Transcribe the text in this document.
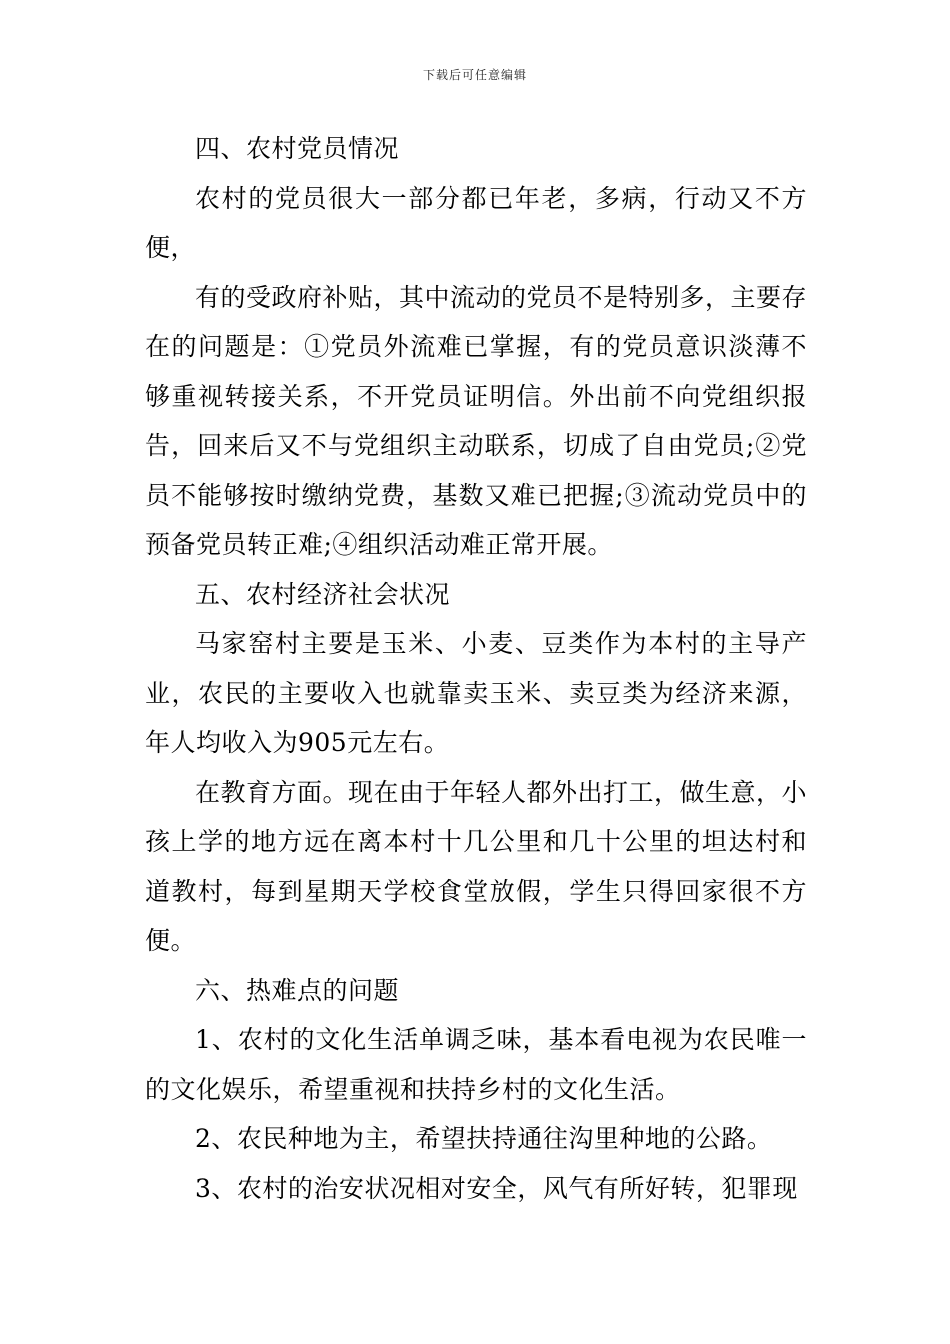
下载后可任意编辑

四、农村党员情况

农村的党员很大一部分都已年老，多病，行动又不方便，

有的受政府补贴，其中流动的党员不是特别多，主要存在的问题是：①党员外流难已掌握，有的党员意识淡薄不够重视转接关系，不开党员证明信。外出前不向党组织报告，回来后又不与党组织主动联系，切成了自由党员;②党员不能够按时缴纳党费，基数又难已把握;③流动党员中的预备党员转正难;④组织活动难正常开展。

五、农村经济社会状况

马家窑村主要是玉米、小麦、豆类作为本村的主导产业，农民的主要收入也就靠卖玉米、卖豆类为经济来源，年人均收入为905元左右。

在教育方面。现在由于年轻人都外出打工，做生意，小孩上学的地方远在离本村十几公里和几十公里的坦达村和道教村，每到星期天学校食堂放假，学生只得回家很不方便。

六、热难点的问题

1、农村的文化生活单调乏味，基本看电视为农民唯一的文化娱乐，希望重视和扶持乡村的文化生活。

2、农民种地为主，希望扶持通往沟里种地的公路。

3、农村的治安状况相对安全，风气有所好转，犯罪现
